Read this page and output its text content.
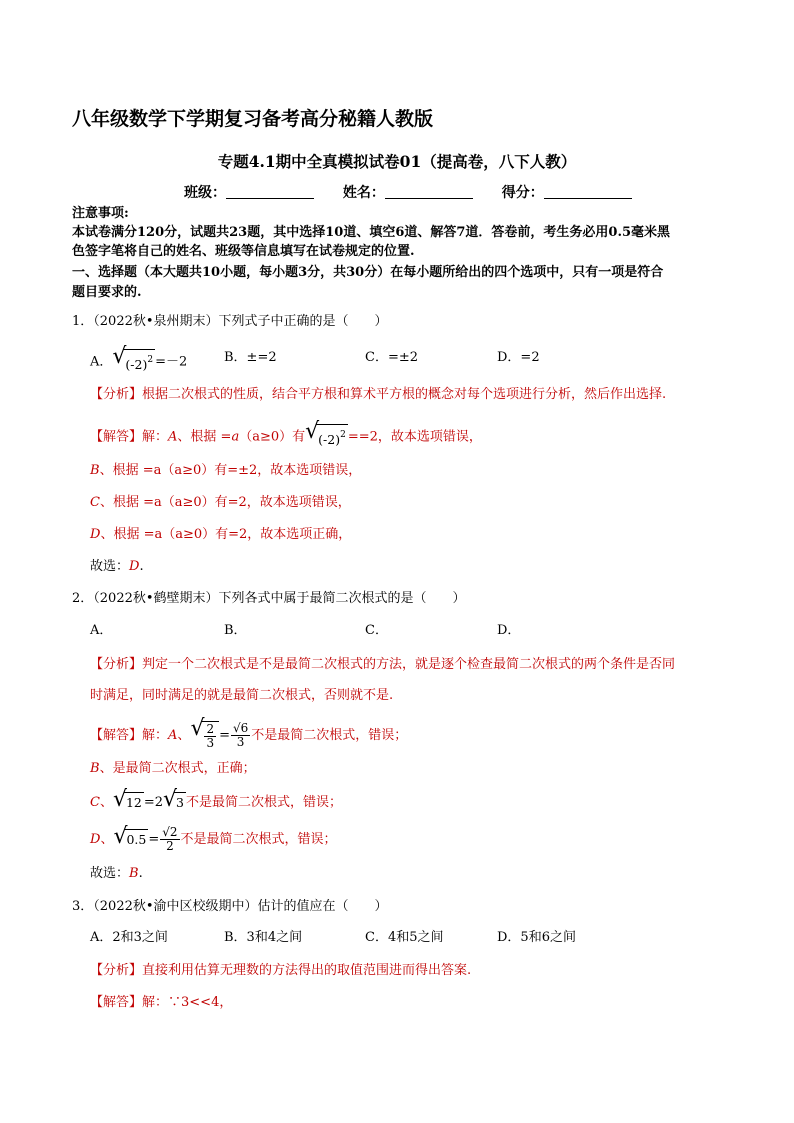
八年级数学下学期复习备考高分秘籍人教版
专题4.1期中全真模拟试卷01（提高卷，八下人教）
班级：	姓名：	得分：
注意事项:
本试卷满分120分，试题共23题，其中选择10道、填空6道、解答7道．答卷前，考生务必用0.5毫米黑
色签字笔将自己的姓名、班级等信息填写在试卷规定的位置.
一、选择题（本大题共10小题，每小题3分，共30分）在每小题所给出的四个选项中，只有一项是符合
题目要求的.
1．（2022秋•泉州期末）下列式子中正确的是（　　）
A． √
$(-2)^2 =-2$	B．±=2	C．=±2	D．=2
【分析】根据二次根式的性质，结合平方根和算术平方根的概念对每个选项进行分析，然后作出选择.
【解答】解：A、根据 =a（a≥0）有 √
$(-2)^2 ==2$，故本选项错误，
B、根据 =a（a≥0）有=±2，故本选项错误，
C、根据 =a（a≥0）有=2，故本选项错误，
D、根据 =a（a≥0）有=2，故本选项正确，
故选：D.
2．（2022秋•鹤壁期末）下列各式中属于最简二次根式的是（　　）
A．	B．	C．	D．
【分析】判定一个二次根式是不是最简二次根式的方法，就是逐个检查最简二次根式的两个条件是否同
时满足，同时满足的就是最简二次根式，否则就不是.
【解答】解：A、 √ $\frac{2}{3} = \frac{√6}{3}$ 不是最简二次根式，错误；
B、是最简二次根式，正确；
C、 √
12 =2 √
3 不是最简二次根式，错误；
D、 √
$0.5 = \frac{√2}{2}$ 不是最简二次根式，错误；
故选：B.
3．（2022秋•渝中区校级期中）估计的值应在（　　）
A．2和3之间	B．3和4之间	C．4和5之间	D．5和6之间
【分析】直接利用估算无理数的方法得出的取值范围进而得出答案.
【解答】解：∵3<<4，
